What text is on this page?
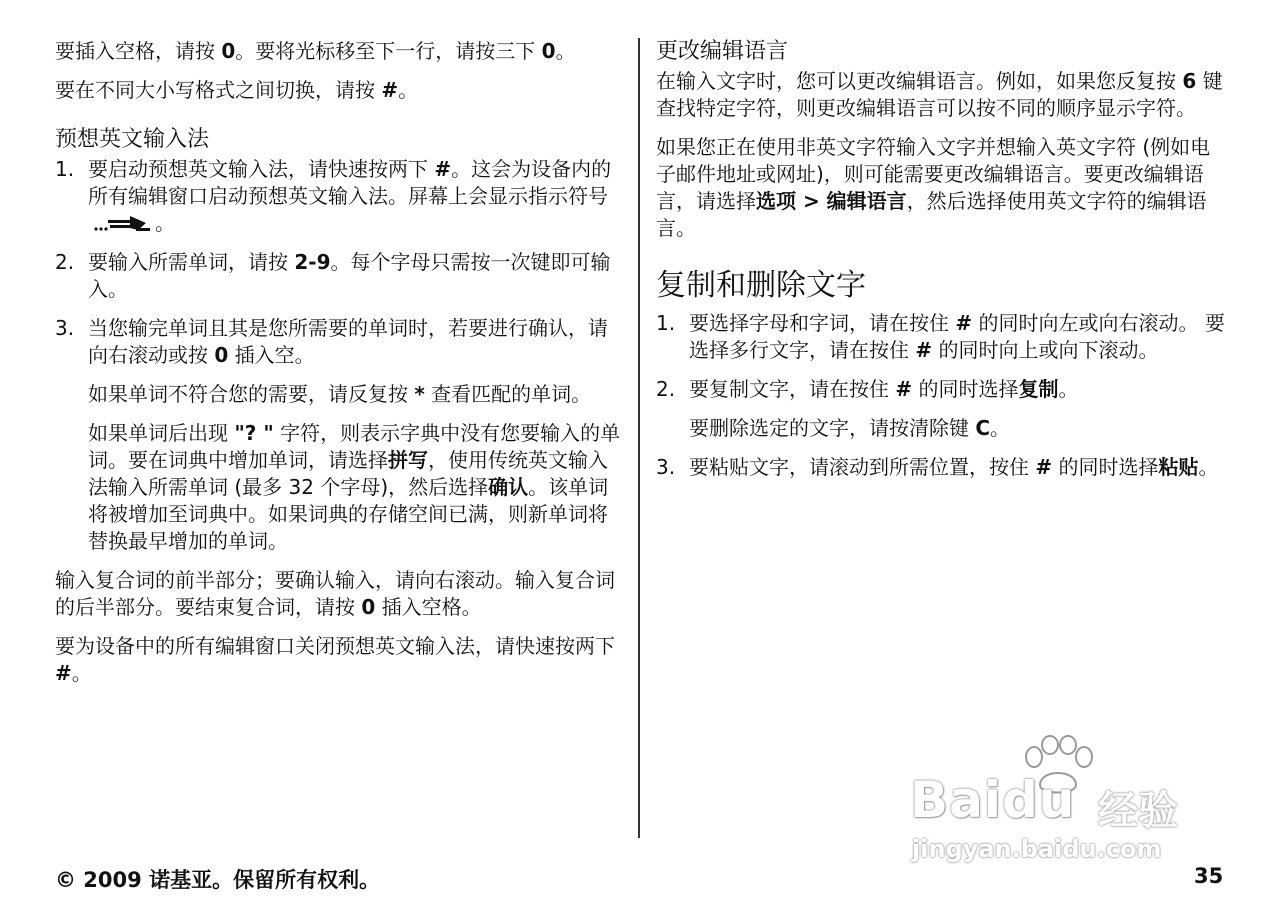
要插入空格，请按 0。要将光标移至下一行，请按三下 0。

要在不同大小写格式之间切换，请按 #。

预想英文输入法
1. 要启动预想英文输入法，请快速按两下 #。这会为设备内的所有编辑窗口启动预想英文输入法。屏幕上会显示指示符号 。
2. 要输入所需单词，请按 2-9。每个字母只需按一次键即可输入。
3. 当您输完单词且其是您所需要的单词时，若要进行确认，请向右滚动或按 0 插入空。

如果单词不符合您的需要，请反复按 * 查看匹配的单词。

如果单词后出现 "? " 字符，则表示字典中没有您要输入的单词。要在词典中增加单词，请选择拼写，使用传统英文输入法输入所需单词 (最多 32 个字母)，然后选择确认。该单词将被增加至词典中。如果词典的存储空间已满，则新单词将替换最早增加的单词。

输入复合词的前半部分；要确认输入，请向右滚动。输入复合词的后半部分。要结束复合词，请按 0 插入空格。

要为设备中的所有编辑窗口关闭预想英文输入法，请快速按两下 #。

更改编辑语言

在输入文字时，您可以更改编辑语言。例如，如果您反复按 6 键查找特定字符，则更改编辑语言可以按不同的顺序显示字符。

如果您正在使用非英文字符输入文字并想输入英文字符 (例如电子邮件地址或网址)，则可能需要更改编辑语言。要更改编辑语言，请选择选项 > 编辑语言，然后选择使用英文字符的编辑语言。

复制和删除文字
1. 要选择字母和字词，请在按住 # 的同时向左或向右滚动。 要选择多行文字，请在按住 # 的同时向上或向下滚动。
2. 要复制文字，请在按住 # 的同时选择复制。

要删除选定的文字，请按清除键 C。

3. 要粘贴文字，请滚动到所需位置，按住 # 的同时选择粘贴。
Baidu 经验
jingyan.baidu.com
© 2009 诺基亚。保留所有权利。	35
